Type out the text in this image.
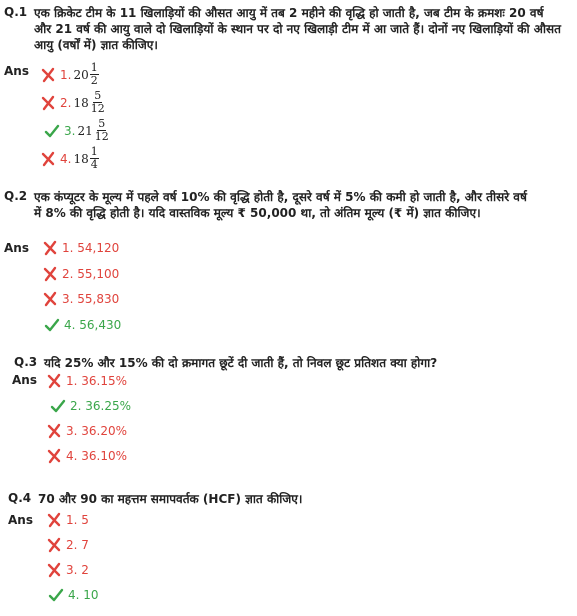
Q.1 एक क्रिकेट टीम के 11 खिलाड़ियों की औसत आयु में तब 2 महीने की वृद्धि हो जाती है, जब टीम के क्रमशः 20 वर्ष और 21 वर्ष की आयु वाले दो खिलाड़ियों के स्थान पर दो नए खिलाड़ी टीम में आ जाते हैं। दोनों नए खिलाड़ियों की औसत आयु (वर्षों में) ज्ञात कीजिए।
Ans	1. $20 \frac{1}{2}$
2. $18 \frac{5}{12}$
3. $21 \frac{5}{12}$
4. $18 \frac{1}{4}$
Q.2 एक कंप्यूटर के मूल्य में पहले वर्ष 10% की वृद्धि होती है, दूसरे वर्ष में 5% की कमी हो जाती है, और तीसरे वर्ष में 8% की वृद्धि होती है। यदि वास्तविक मूल्य ₹ 50,000 था, तो अंतिम मूल्य (₹ में) ज्ञात कीजिए।
Ans	1. 54,120
2. 55,100
3. 55,830
4. 56,430
Q.3 यदि 25% और 15% की दो क्रमागत छूटें दी जाती हैं, तो निवल छूट प्रतिशत क्या होगा?
Ans 1. 36.15%
2. 36.25%
3. 36.20%
4. 36.10%
Q.4 70 और 90 का महत्तम समापवर्तक (HCF) ज्ञात कीजिए।
Ans	1. 5
2. 7
3. 2
4. 10
